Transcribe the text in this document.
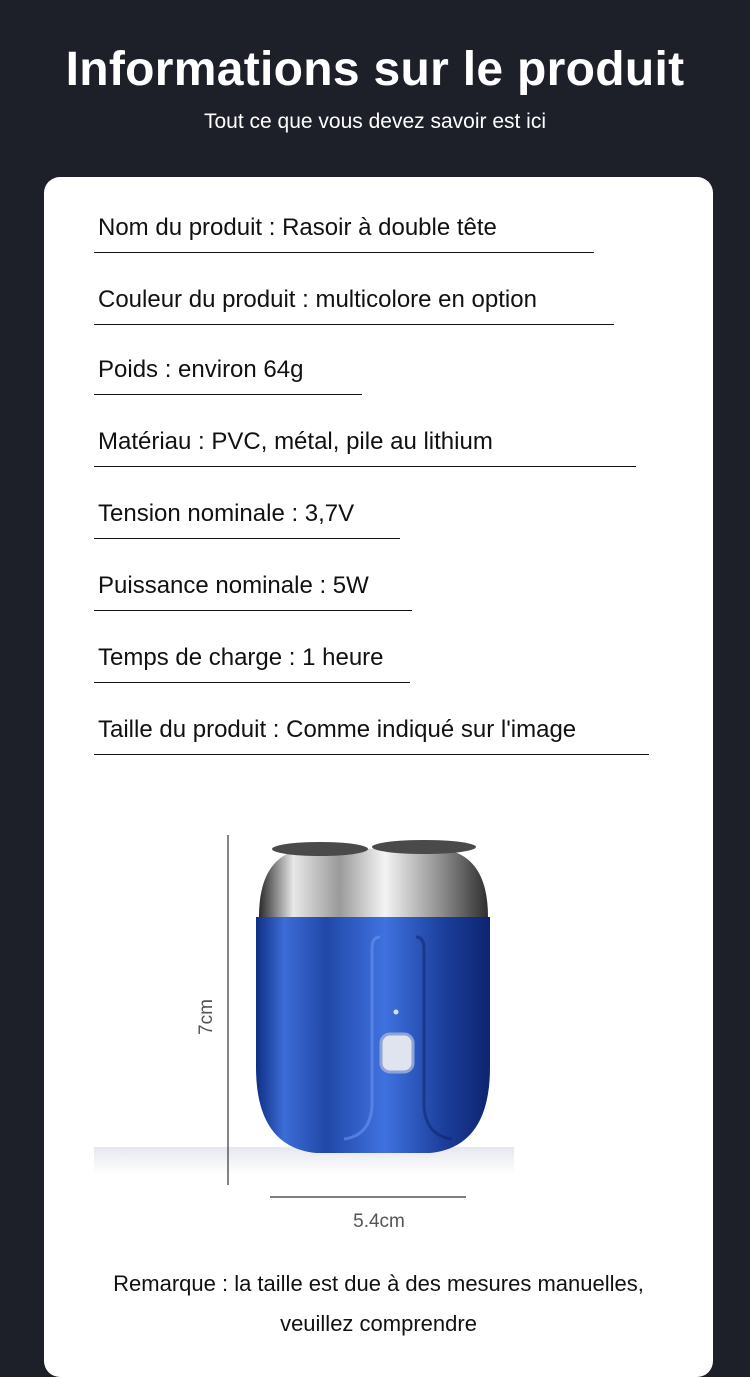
Informations sur le produit
Tout ce que vous devez savoir est ici
Nom du produit : Rasoir à double tête
Couleur du produit : multicolore en option
Poids : environ 64g
Matériau : PVC, métal, pile au lithium
Tension nominale : 3,7V
Puissance nominale : 5W
Temps de charge : 1 heure
Taille du produit : Comme indiqué sur l'image
7cm
5.4cm
Remarque : la taille est due à des mesures manuelles,
veuillez comprendre
